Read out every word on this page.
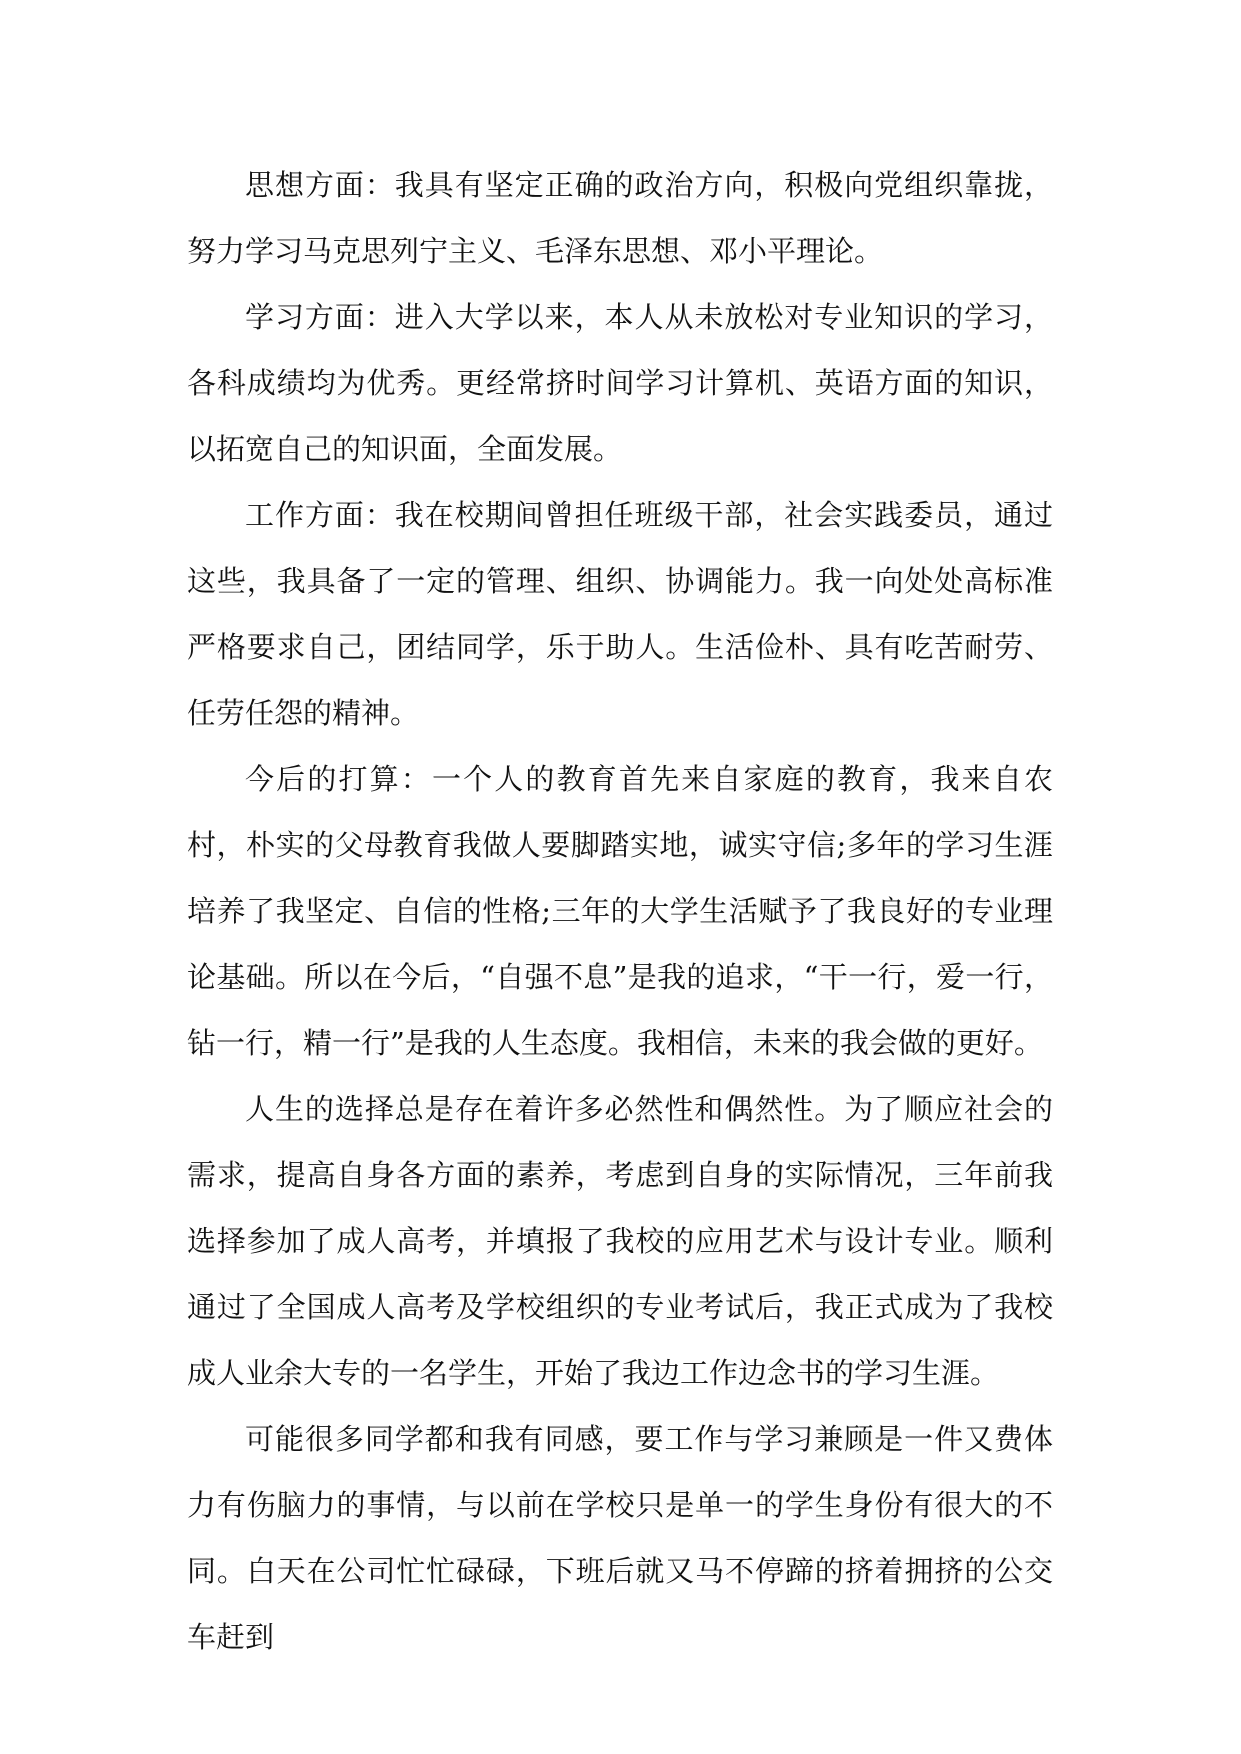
思想方面：我具有坚定正确的政治方向，积极向党组织靠拢，努力学习马克思列宁主义、毛泽东思想、邓小平理论。

学习方面：进入大学以来，本人从未放松对专业知识的学习，各科成绩均为优秀。更经常挤时间学习计算机、英语方面的知识，以拓宽自己的知识面，全面发展。

工作方面：我在校期间曾担任班级干部，社会实践委员，通过这些，我具备了一定的管理、组织、协调能力。我一向处处高标准严格要求自己，团结同学，乐于助人。生活俭朴、具有吃苦耐劳、任劳任怨的精神。

今后的打算：一个人的教育首先来自家庭的教育，我来自农村，朴实的父母教育我做人要脚踏实地，诚实守信;多年的学习生涯培养了我坚定、自信的性格;三年的大学生活赋予了我良好的专业理论基础。所以在今后，“自强不息”是我的追求，“干一行，爱一行，钻一行，精一行”是我的人生态度。我相信，未来的我会做的更好。

人生的选择总是存在着许多必然性和偶然性。为了顺应社会的需求，提高自身各方面的素养，考虑到自身的实际情况，三年前我选择参加了成人高考，并填报了我校的应用艺术与设计专业。顺利通过了全国成人高考及学校组织的专业考试后，我正式成为了我校成人业余大专的一名学生，开始了我边工作边念书的学习生涯。

可能很多同学都和我有同感，要工作与学习兼顾是一件又费体力有伤脑力的事情，与以前在学校只是单一的学生身份有很大的不同。白天在公司忙忙碌碌，下班后就又马不停蹄的挤着拥挤的公交车赶到
